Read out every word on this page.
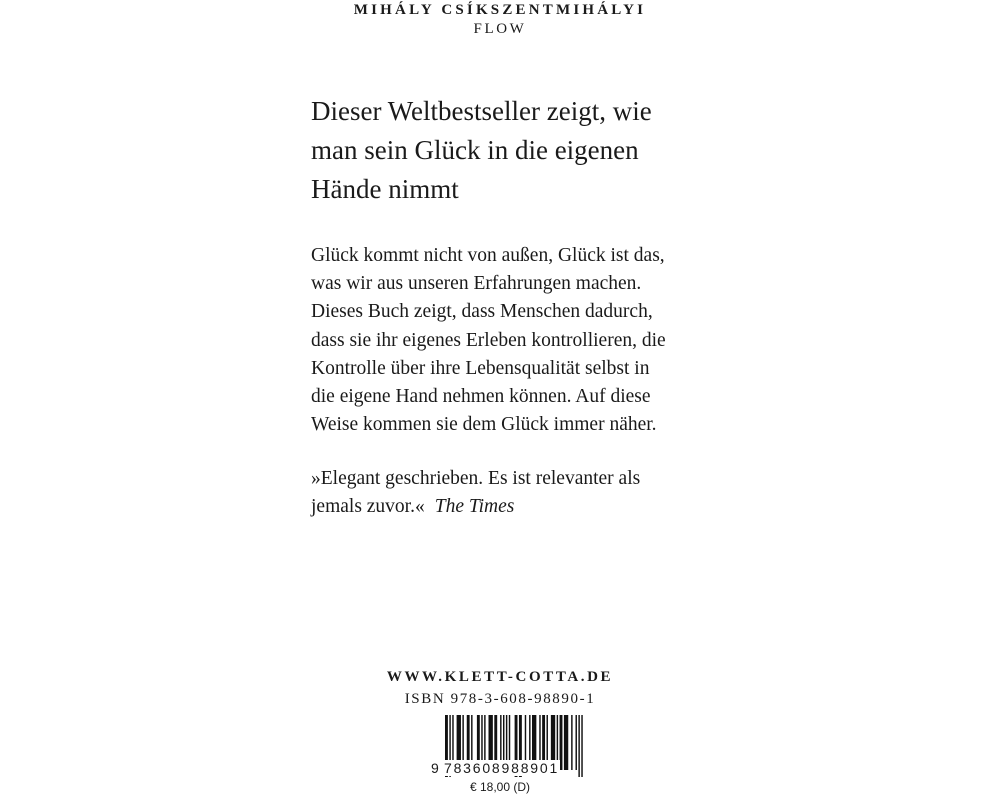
MIHÁLY CSÍKSZENTMIHÁLYI
FLOW
Dieser Weltbestseller zeigt, wie
man sein Glück in die eigenen
Hände nimmt
Glück kommt nicht von außen, Glück ist das,
was wir aus unseren Erfahrungen machen.
Dieses Buch zeigt, dass Menschen dadurch,
dass sie ihr eigenes Erleben kontrollieren, die
Kontrolle über ihre Lebensqualität selbst in
die eigene Hand nehmen können. Auf diese
Weise kommen sie dem Glück immer näher.
»Elegant geschrieben. Es ist relevanter als
jemals zuvor.« The Times
WWW.KLETT-COTTA.DE
ISBN 978-3-608-98890-1
9 783608988901
€ 18,00 (D)
